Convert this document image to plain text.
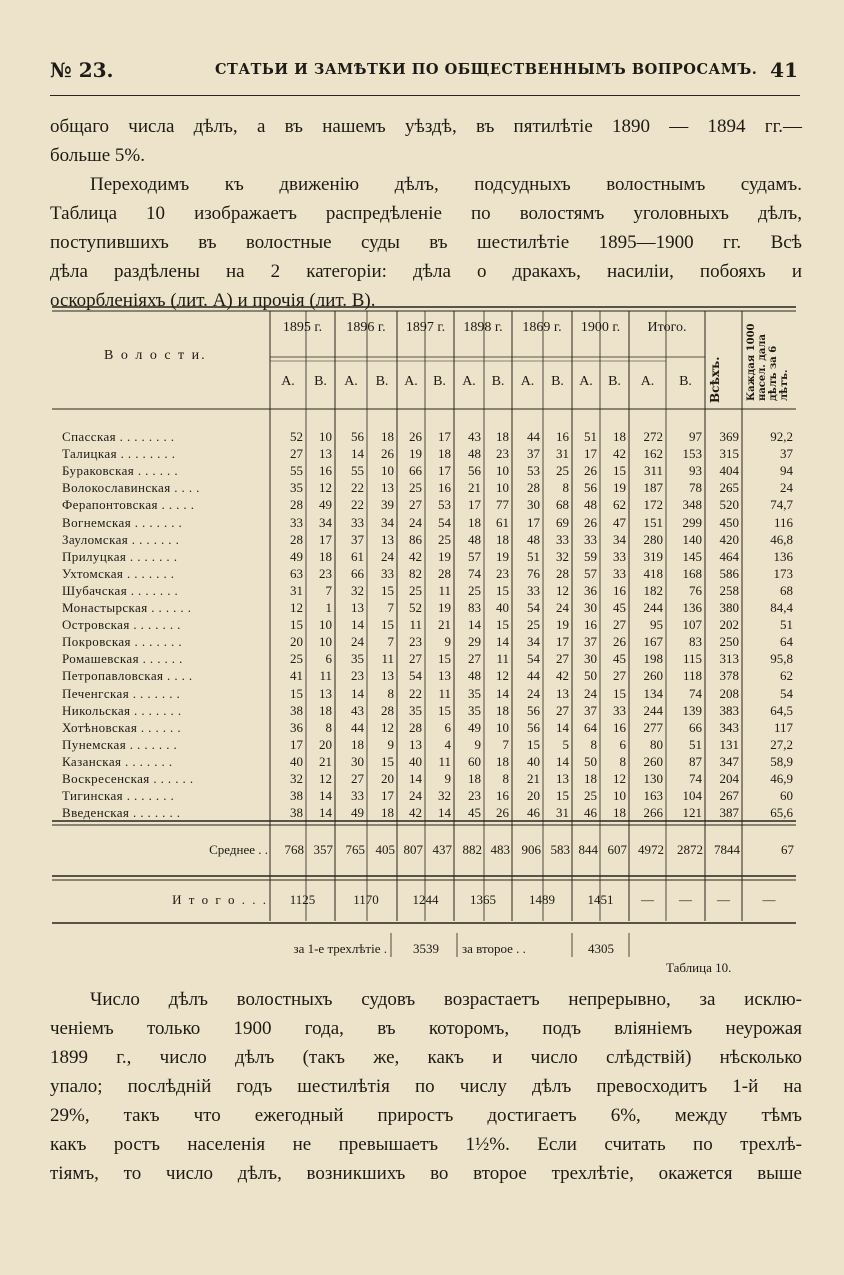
№ 23.	СТАТЬИ И ЗАМѢТКИ ПО ОБЩЕСТВЕННЫМЪ ВОПРОСАМЪ. 41
общаго числа дѣлъ, а въ нашемъ уѣздѣ, въ пятилѣтіе 1890 — 1894 гг.—
больше 5%.
Переходимъ къ движенію дѣлъ, подсудныхъ волостнымъ судамъ.
Таблица 10 изображаетъ распредѣленіе по волостямъ уголовныхъ дѣлъ,
поступившихъ въ волостные суды въ шестилѣтіе 1895—1900 гг. Всѣ
дѣла раздѣлены на 2 категоріи: дѣла о дракахъ, насиліи, побояхъ и
оскорбленіяхъ (лит. А) и прочія (лит. В).
В о л о с т и.
1895 г.	1896 г.	1897 г.	1898 г.	1869 г.	1900 г.	Итого.
А.	В.	А.	В.	А.	В.	А.	В.	А.	В.	А.	В.	А.	В.	Всѣхъ. Каждая 1000 насел. дала дѣлъ за 6 лѣтъ.
Спасская . . . . . . . .	52	10	56	18	26	17	43	18	44	16	51	18	272	97	369	92,2
Талицкая . . . . . . . .	27	13	14	26	19	18	48	23	37	31	17	42	162	153	315	37
Бураковская . . . . . .	55	16	55	10	66	17	56	10	53	25	26	15	311	93	404	94
Волокославинская . . . .	35	12	22	13	25	16	21	10	28	8	56	19	187	78	265	24
Ферапонтовская . . . . .	28	49	22	39	27	53	17	77	30	68	48	62	172	348	520	74,7
Вогнемская . . . . . . .	33	34	33	34	24	54	18	61	17	69	26	47	151	299	450	116
Зауломская . . . . . . .	28	17	37	13	86	25	48	18	48	33	33	34	280	140	420	46,8
Прилуцкая . . . . . . .	49	18	61	24	42	19	57	19	51	32	59	33	319	145	464	136
Ухтомская . . . . . . .	63	23	66	33	82	28	74	23	76	28	57	33	418	168	586	173
Шубачская . . . . . . .	31	7	32	15	25	11	25	15	33	12	36	16	182	76	258	68
Монастырская . . . . . .	12	1	13	7	52	19	83	40	54	24	30	45	244	136	380	84,4
Островская . . . . . . .	15	10	14	15	11	21	14	15	25	19	16	27	95	107	202	51
Покровская . . . . . . .	20	10	24	7	23	9	29	14	34	17	37	26	167	83	250	64
Ромашевская . . . . . .	25	6	35	11	27	15	27	11	54	27	30	45	198	115	313	95,8
Петропавловская . . . .	41	11	23	13	54	13	48	12	44	42	50	27	260	118	378	62
Печенгская . . . . . . .	15	13	14	8	22	11	35	14	24	13	24	15	134	74	208	54
Никольская . . . . . . .	38	18	43	28	35	15	35	18	56	27	37	33	244	139	383	64,5
Хотѣновская . . . . . .	36	8	44	12	28	6	49	10	56	14	64	16	277	66	343	117
Пунемская . . . . . . .	17	20	18	9	13	4	9	7	15	5	8	6	80	51	131	27,2
Казанская . . . . . . .	40	21	30	15	40	11	60	18	40	14	50	8	260	87	347	58,9
Воскресенская . . . . . .	32	12	27	20	14	9	18	8	21	13	18	12	130	74	204	46,9
Тигинская . . . . . . .	38	14	33	17	24	32	23	16	20	15	25	10	163	104	267	60
Введенская . . . . . . .	38	14	49	18	42	14	45	26	46	31	46	18	266	121	387	65,6
Среднее . .	768 357 765 405 807 437 882 483 906 583 844 607 4972	2872 7844	67
И т о г о . . .	1125	1170	1244	1365	1489	1451	—	—	—	—
за 1-е трехлѣтіе .	3539	за второе . .	4305
Число дѣлъ волостныхъ судовъ возрастаетъ непрерывно, за исклю-
ченіемъ только 1900 года, въ которомъ, подъ вліяніемъ неурожая
1899 г., число дѣлъ (такъ же, какъ и число слѣдствій) нѣсколько
упало; послѣдній годъ шестилѣтія по числу дѣлъ превосходитъ 1-й на
29%, такъ что ежегодный приростъ достигаетъ 6%, между тѣмъ
какъ ростъ населенія не превышаетъ 1½%. Если считать по трехлѣ-
тіямъ, то число дѣлъ, возникшихъ во второе трехлѣтіе, окажется выше
Таблица 10.
